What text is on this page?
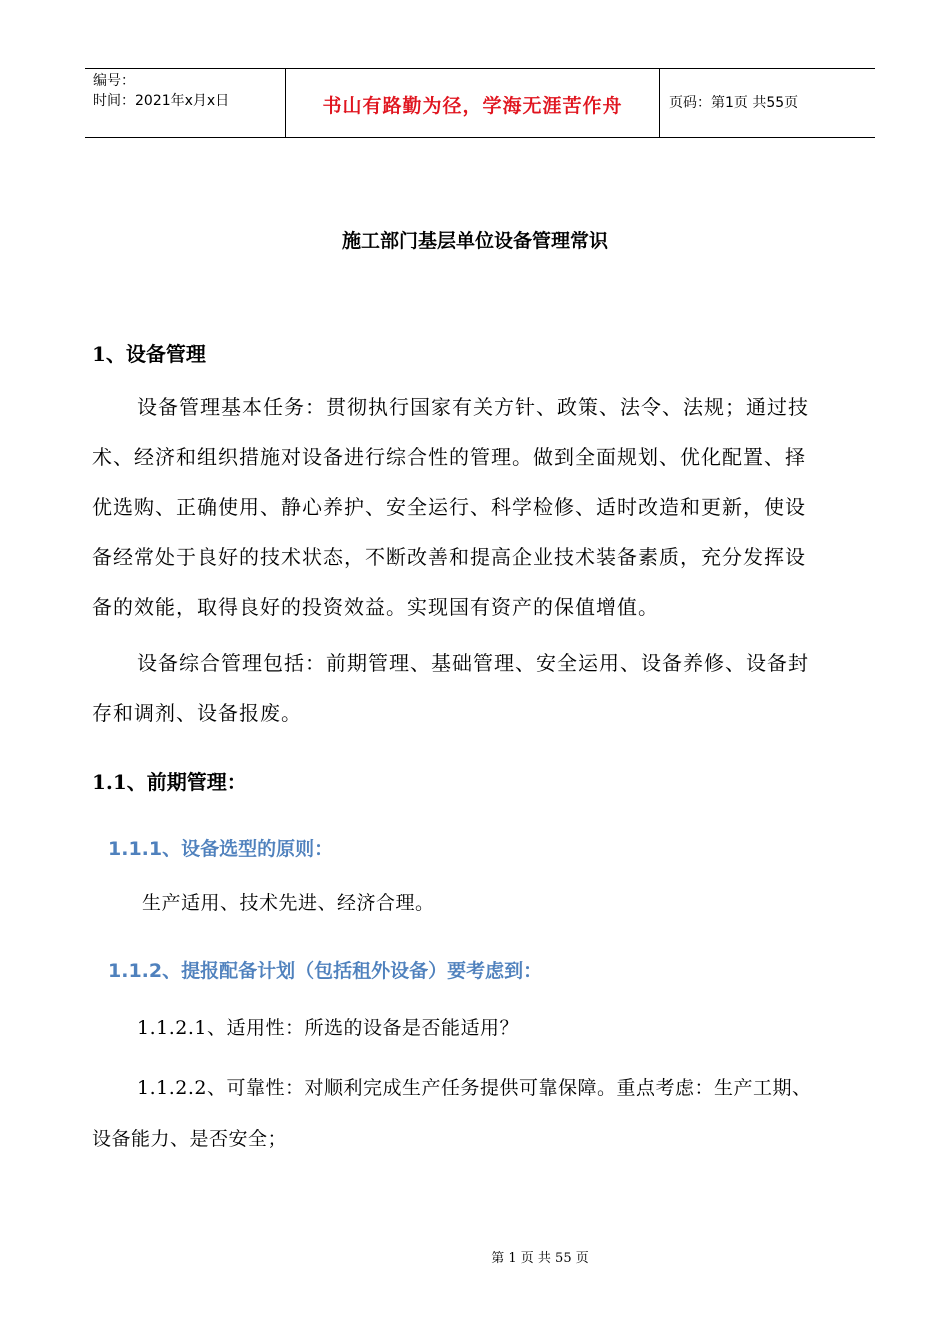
编号：
时间：2021年x月x日	书山有路勤为径，学海无涯苦作舟	页码：第1页 共55页
施工部门基层单位设备管理常识
1、设备管理
设备管理基本任务：贯彻执行国家有关方针、政策、法令、法规；通过技
术、经济和组织措施对设备进行综合性的管理。做到全面规划、优化配置、择
优选购、正确使用、静心养护、安全运行、科学检修、适时改造和更新，使设
备经常处于良好的技术状态，不断改善和提高企业技术装备素质，充分发挥设
备的效能，取得良好的投资效益。实现国有资产的保值增值。
设备综合管理包括：前期管理、基础管理、安全运用、设备养修、设备封
存和调剂、设备报废。
1.1、前期管理：
1.1.1、设备选型的原则：
生产适用、技术先进、经济合理。
1.1.2、提报配备计划（包括租外设备）要考虑到：
1.1.2.1、适用性：所选的设备是否能适用？
1.1.2.2、可靠性：对顺利完成生产任务提供可靠保障。重点考虑：生产工期、
设备能力、是否安全；
第 1 页 共 55 页
